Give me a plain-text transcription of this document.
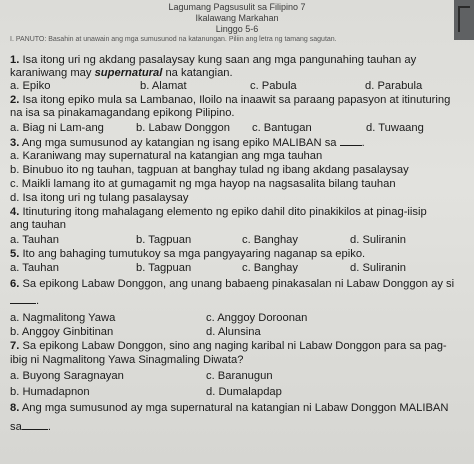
Lagumang Pagsusulit sa Filipino 7
Ikalawang Markahan
Linggo 5-6
I. PANUTO: Basahin at unawain ang mga sumusunod na katanungan. Piliin ang letra ng tamang sagutan.
1. Isa itong uri ng akdang pasalaysay kung saan ang mga pangunahing tauhan ay
karaniwang may supernatural na katangian.
a. Epiko	b. Alamat	c. Pabula	d. Parabula
2. Isa itong epiko mula sa Lambanao, Iloilo na inaawit sa paraang papasyon at itinuturing
na isa sa pinakamagandang epikong Pilipino.
a. Biag ni Lam-ang	b. Labaw Donggon c. Bantugan	d. Tuwaang
3. Ang mga sumusunod ay katangian ng isang epiko MALIBAN sa .
a. Karaniwang may supernatural na katangian ang mga tauhan
b. Binubuo ito ng tauhan, tagpuan at banghay tulad ng ibang akdang pasalaysay
c. Maikli lamang ito at gumagamit ng mga hayop na nagsasalita bilang tauhan
d. Isa itong uri ng tulang pasalaysay
4. Itinuturing itong mahalagang elemento ng epiko dahil dito pinakikilos at pinag-iisip
ang tauhan
a. Tauhan	b. Tagpuan	c. Banghay	d. Suliranin
5. Ito ang bahaging tumutukoy sa mga pangyayaring naganap sa epiko.
a. Tauhan	b. Tagpuan	c. Banghay	d. Suliranin
6. Sa epikong Labaw Donggon, ang unang babaeng pinakasalan ni Labaw Donggon ay si
.
a. Nagmalitong Yawa	c. Anggoy Doroonan
b. Anggoy Ginbitinan	d. Alunsina
7. Sa epikong Labaw Donggon, sino ang naging karibal ni Labaw Donggon para sa pag-
ibig ni Nagmalitong Yawa Sinagmaling Diwata?
a. Buyong Saragnayan	c. Baranugun
b. Humadapnon	d. Dumalapdap
8. Ang mga sumusunod ay mga supernatural na katangian ni Labaw Donggon MALIBAN
sa .
